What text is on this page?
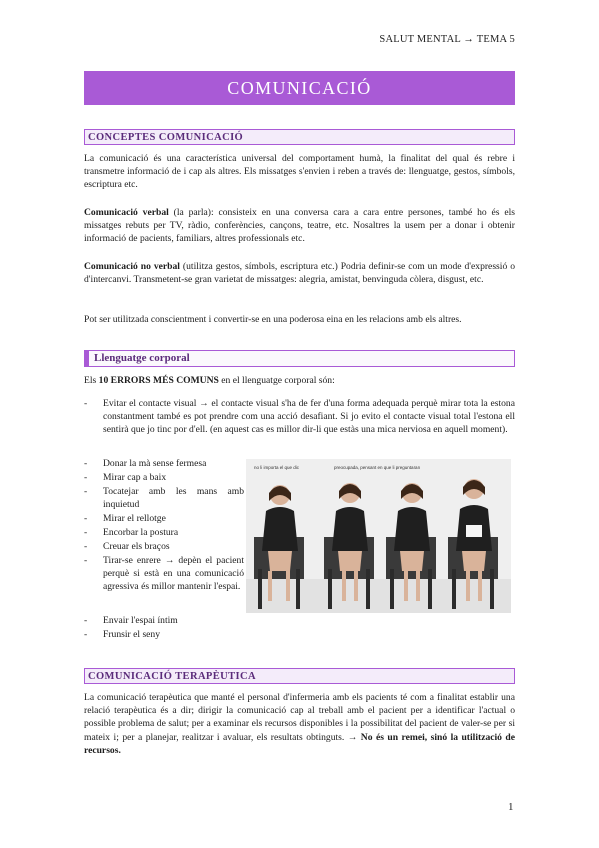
SALUT MENTAL → TEMA 5
COMUNICACIÓ
CONCEPTES COMUNICACIÓ
La comunicació és una característica universal del comportament humà, la finalitat del qual és rebre i transmetre informació de i cap als altres. Els missatges s'envien i reben a través de: llenguatge, gestos, símbols, escriptura etc.
Comunicació verbal (la parla): consisteix en una conversa cara a cara entre persones, també ho és els missatges rebuts per TV, ràdio, conferències, cançons, teatre, etc. Nosaltres la usem per a donar i obtenir informació de pacients, familiars, altres professionals etc.
Comunicació no verbal (utilitza gestos, símbols, escriptura etc.) Podria definir-se com un mode d'expressió o d'intercanvi. Transmetent-se gran varietat de missatges: alegria, amistat, benvinguda còlera, disgust, etc.
Pot ser utilitzada conscientment i convertir-se en una poderosa eina en les relacions amb els altres.
Llenguatge corporal
Els 10 ERRORS MÉS COMUNS en el llenguatge corporal són:
- Evitar el contacte visual → el contacte visual s'ha de fer d'una forma adequada perquè mirar tota la estona constantment també es pot prendre com una acció desafiant. Si jo evito el contacte visual total l'estona ell sentirà que jo tinc por d'ell. (en aquest cas es millor dir-li que estàs una mica nerviosa en aquell moment).
- Donar la mà sense fermesa
- Mirar cap a baix
- Tocatejar amb les mans amb inquietud
- Mirar el rellotge
- Encorbar la postura
- Creuar els braços
- Tirar-se enrere → depèn el pacient perquè si està en una comunicació agressiva és millor mantenir l'espai.
- Envair l'espai íntim
- Frunsir el seny
no li importa el que dic	preocupada, pensant en que li preguntaran
COMUNICACIÓ TERAPÈUTICA
La comunicació terapèutica que manté el personal d'infermeria amb els pacients té com a finalitat establir una relació terapèutica és a dir; dirigir la comunicació cap al treball amb el pacient per a identificar l'actual o possible problema de salut; per a examinar els recursos disponibles i la possibilitat del pacient de valer-se per si mateix i; per a planejar, realitzar i avaluar, els resultats obtinguts. → No és un remei, sinó la utilització de recursos.
1
